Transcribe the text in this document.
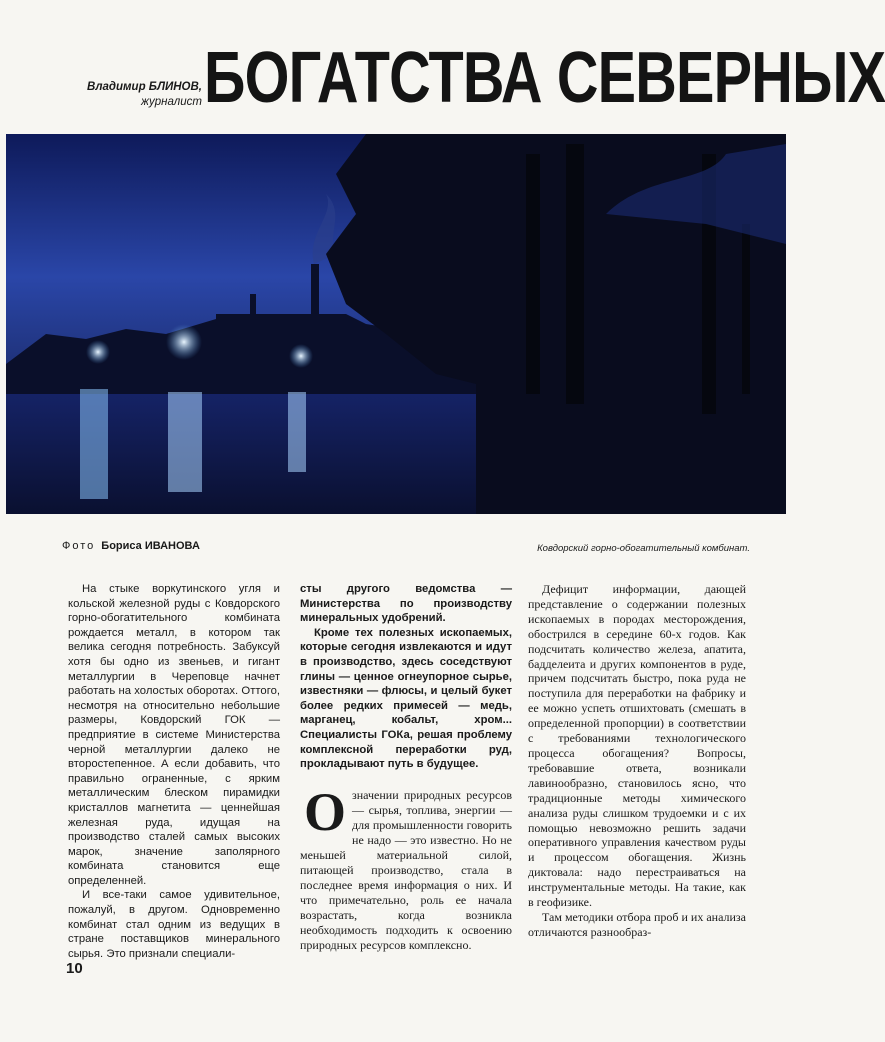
Владимир БЛИНОВ,
журналист БОГАТСТВА СЕВЕРНЫХ
Фото Бориса ИВАНОВА	Ковдорский горно-обогатительный комбинат.

На стыке воркутинского угля и кольской железной руды с Ковдорского горно-обогатительного комбината рождается металл, в котором так велика сегодня потребность. Забуксуй хотя бы одно из звеньев, и гигант металлургии в Череповце начнет работать на холостых оборотах. Оттого, несмотря на относительно небольшие размеры, Ковдорский ГОК — предприятие в системе Министерства черной металлургии далеко не второстепенное. А если добавить, что правильно ограненные, с ярким металлическим блеском пирамидки кристаллов магнетита — ценнейшая железная руда, идущая на производство сталей самых высоких марок, значение заполярного комбината становится еще определенней.

И все-таки самое удивительное, пожалуй, в другом. Одновременно комбинат стал одним из ведущих в стране поставщиков минерального сырья. Это признали специали-

сты другого ведомства — Министерства по производству минеральных удобрений.

Кроме тех полезных ископаемых, которые сегодня извлекаются и идут в производство, здесь соседствуют глины — ценное огнеупорное сырье, известняки — флюсы, и целый букет более редких примесей — медь, марганец, кобальт, хром... Специалисты ГОКа, решая проблему комплексной переработки руд, прокладывают путь в будущее.

О значении природных ресурсов — сырья, топлива, энергии — для промышленности говорить не надо — это известно. Но не меньшей материальной силой, питающей производство, стала в последнее время информация о них. И что примечательно, роль ее начала возрастать, когда возникла необходимость подходить к освоению природных ресурсов комплексно.

Дефицит информации, дающей представление о содержании полезных ископаемых в породах месторождения, обострился в середине 60-х годов. Как подсчитать количество железа, апатита, бадделеита и других компонентов в руде, причем подсчитать быстро, пока руда не поступила для переработки на фабрику и ее можно успеть отшихтовать (смешать в определенной пропорции) в соответствии с требованиями технологического процесса обогащения? Вопросы, требовавшие ответа, возникали лавинообразно, становилось ясно, что традиционные методы химического анализа руды слишком трудоемки и с их помощью невозможно решить задачи оперативного управления качеством руды и процессом обогащения. Жизнь диктовала: надо перестраиваться на инструментальные методы. На такие, как в геофизике.

Там методики отбора проб и их анализа отличаются разнообраз-

10
